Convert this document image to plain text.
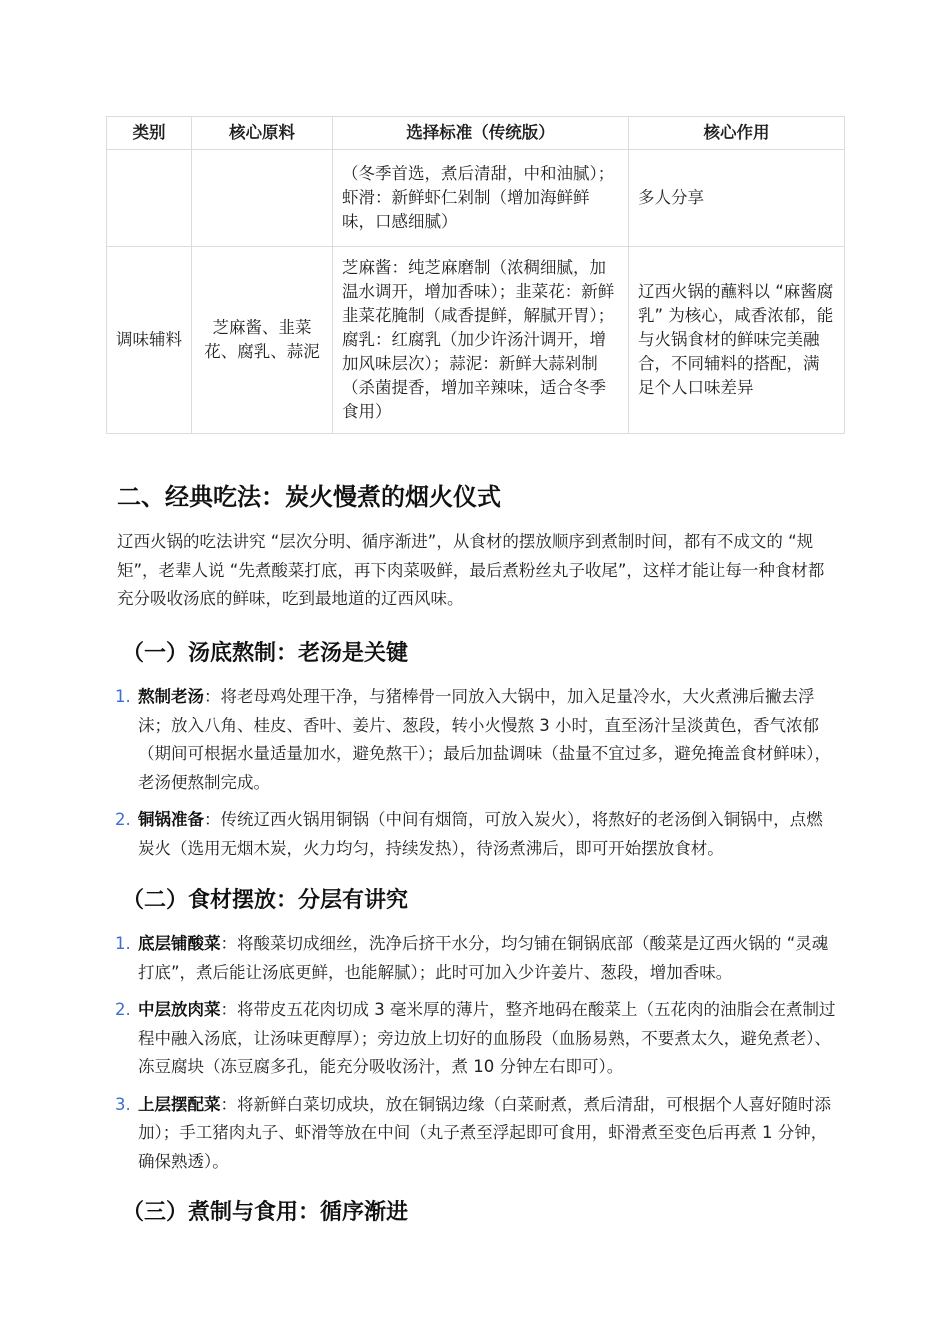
类别	核心原料	选择标准（传统版）	核心作用
		（冬季首选，煮后清甜，中和油腻）；虾滑：新鲜虾仁剁制（增加海鲜鲜味，口感细腻）	多人分享
调味辅料	芝麻酱、韭菜花、腐乳、蒜泥	芝麻酱：纯芝麻磨制（浓稠细腻，加温水调开，增加香味）；韭菜花：新鲜韭菜花腌制（咸香提鲜，解腻开胃）；腐乳：红腐乳（加少许汤汁调开，增加风味层次）；蒜泥：新鲜大蒜剁制（杀菌提香，增加辛辣味，适合冬季食用）	辽西火锅的蘸料以 “麻酱腐乳” 为核心，咸香浓郁，能与火锅食材的鲜味完美融合，不同辅料的搭配，满足个人口味差异
二、经典吃法：炭火慢煮的烟火仪式

辽西火锅的吃法讲究 “层次分明、循序渐进”，从食材的摆放顺序到煮制时间，都有不成文的 “规矩”，老辈人说 “先煮酸菜打底，再下肉菜吸鲜，最后煮粉丝丸子收尾”，这样才能让每一种食材都充分吸收汤底的鲜味，吃到最地道的辽西风味。

（一）汤底熬制：老汤是关键
1. 熬制老汤：将老母鸡处理干净，与猪棒骨一同放入大锅中，加入足量冷水，大火煮沸后撇去浮沫；放入八角、桂皮、香叶、姜片、葱段，转小火慢熬 3 小时，直至汤汁呈淡黄色，香气浓郁（期间可根据水量适量加水，避免熬干）；最后加盐调味（盐量不宜过多，避免掩盖食材鲜味），老汤便熬制完成。
2. 铜锅准备：传统辽西火锅用铜锅（中间有烟筒，可放入炭火），将熬好的老汤倒入铜锅中，点燃炭火（选用无烟木炭，火力均匀，持续发热），待汤煮沸后，即可开始摆放食材。
（二）食材摆放：分层有讲究
1. 底层铺酸菜：将酸菜切成细丝，洗净后挤干水分，均匀铺在铜锅底部（酸菜是辽西火锅的 “灵魂打底”，煮后能让汤底更鲜，也能解腻）；此时可加入少许姜片、葱段，增加香味。
2. 中层放肉菜：将带皮五花肉切成 3 毫米厚的薄片，整齐地码在酸菜上（五花肉的油脂会在煮制过程中融入汤底，让汤味更醇厚）；旁边放上切好的血肠段（血肠易熟，不要煮太久，避免煮老）、冻豆腐块（冻豆腐多孔，能充分吸收汤汁，煮 10 分钟左右即可）。
3. 上层摆配菜：将新鲜白菜切成块，放在铜锅边缘（白菜耐煮，煮后清甜，可根据个人喜好随时添加）；手工猪肉丸子、虾滑等放在中间（丸子煮至浮起即可食用，虾滑煮至变色后再煮 1 分钟，确保熟透）。
（三）煮制与食用：循序渐进
